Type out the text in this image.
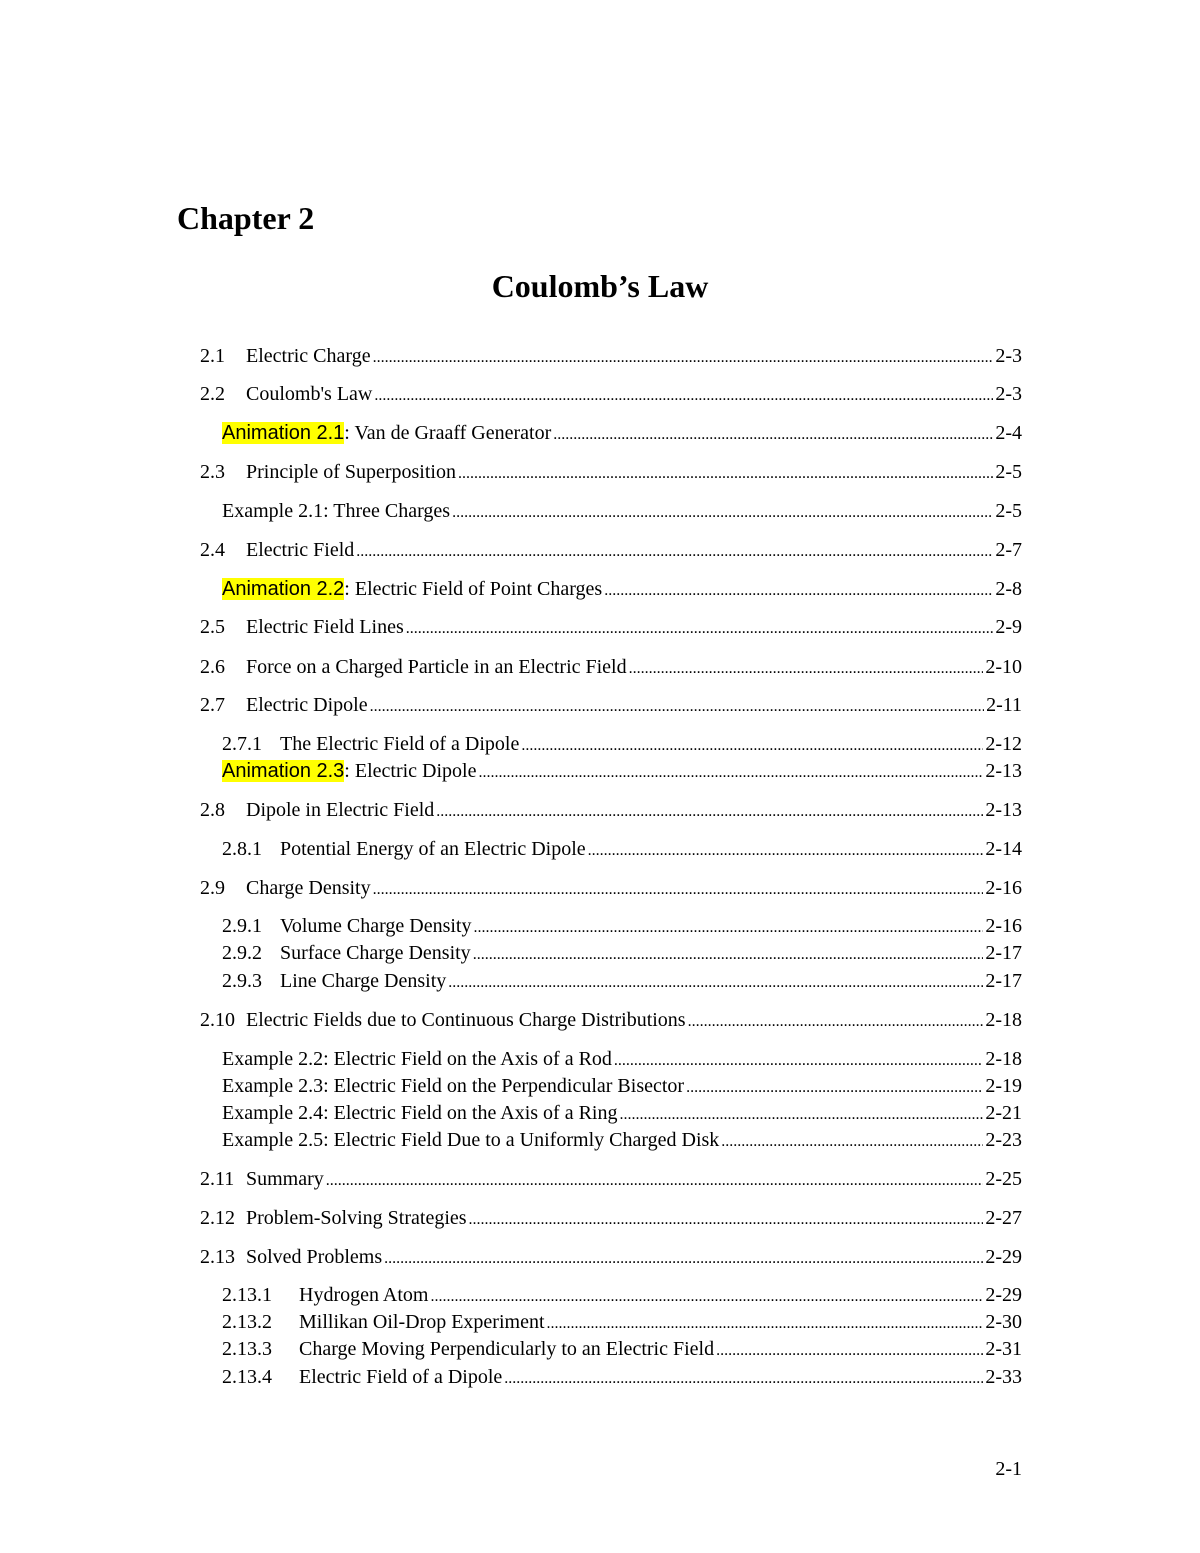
Chapter 2
Coulomb’s Law
2.1 Electric Charge .....	2-3
2.2 Coulomb's Law .....	2-3
Animation 2.1: Van de Graaff Generator .....	2-4
2.3 Principle of Superposition .....	2-5
Example 2.1: Three Charges .....	2-5
2.4 Electric Field .....	2-7
Animation 2.2: Electric Field of Point Charges .....	2-8
2.5 Electric Field Lines .....	2-9
2.6 Force on a Charged Particle in an Electric Field .....	2-10
2.7 Electric Dipole .....	2-11
2.7.1 The Electric Field of a Dipole .....	2-12
Animation 2.3: Electric Dipole .....	2-13
2.8 Dipole in Electric Field .....	2-13
2.8.1 Potential Energy of an Electric Dipole .....	2-14
2.9 Charge Density .....	2-16
2.9.1 Volume Charge Density .....	2-16
2.9.2 Surface Charge Density .....	2-17
2.9.3 Line Charge Density .....	2-17
2.10 Electric Fields due to Continuous Charge Distributions .....	2-18
Example 2.2: Electric Field on the Axis of a Rod .....	2-18
Example 2.3: Electric Field on the Perpendicular Bisector .....	2-19
Example 2.4: Electric Field on the Axis of a Ring .....	2-21
Example 2.5: Electric Field Due to a Uniformly Charged Disk .....	2-23
2.11 Summary .....	2-25
2.12 Problem-Solving Strategies .....	2-27
2.13 Solved Problems .....	2-29
2.13.1 Hydrogen Atom .....	2-29
2.13.2 Millikan Oil-Drop Experiment .....	2-30
2.13.3 Charge Moving Perpendicularly to an Electric Field .....	2-31
2.13.4 Electric Field of a Dipole .....	2-33
2-1
